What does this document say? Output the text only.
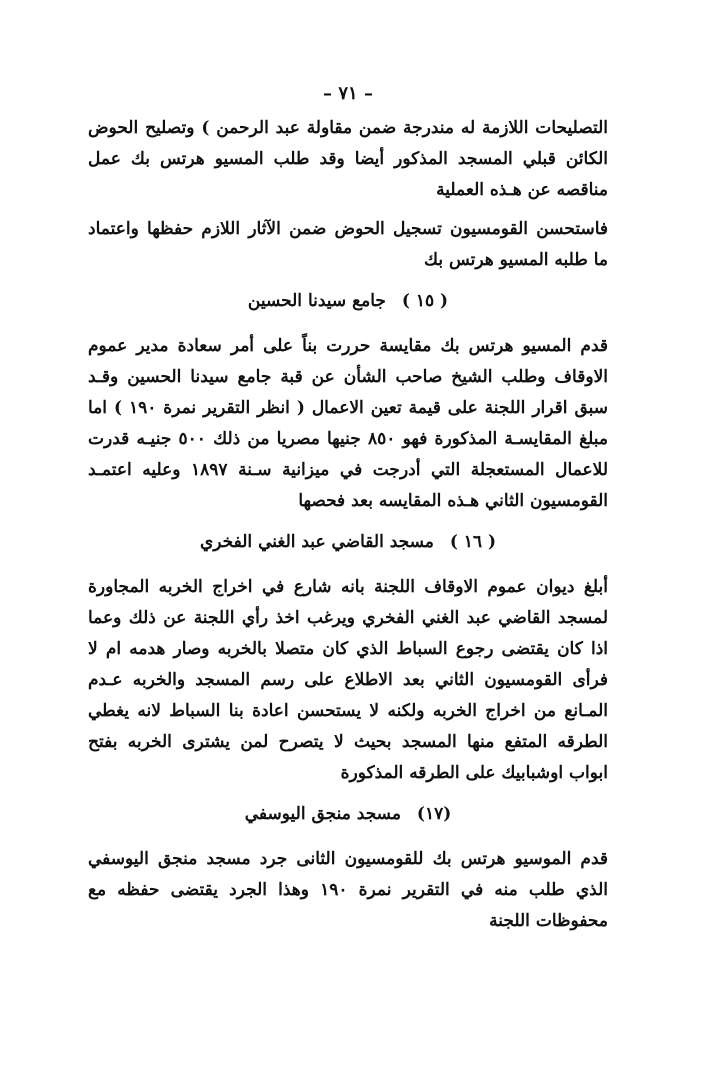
– ٧١ –

التصليحات اللازمة له مندرجة ضمن مقاولة عبد الرحمن ) وتصليح الحوض الكائن قبلي المسجد المذكور أيضا وقد طلب المسيو هرتس بك عمل مناقصه عن هـذه العملية

فاستحسن القومسيون تسجيل الحوض ضمن الآثار اللازم حفظها واعتماد ما طلبه المسيو هرتس بك

( ١٥ ) جامع سيدنا الحسين

قدم المسيو هرتس بك مقايسة حررت بناً على أمر سعادة مدير عموم الاوقاف وطلب الشيخ صاحب الشأن عن قبة جامع سيدنا الحسين وقـد سبق اقرار اللجنة على قيمة تعين الاعمال ( انظر التقرير نمرة ١٩٠ ) اما مبلغ المقايسـة المذكورة فهو ٨٥٠ جنيها مصريا من ذلك ٥٠٠ جنيـه قدرت للاعمال المستعجلة التي أدرجت في ميزانية سـنة ١٨٩٧ وعليه اعتمـد القومسيون الثاني هـذه المقايسه بعد فحصها

( ١٦ ) مسجد القاضي عبد الغني الفخري

أبلغ ديوان عموم الاوقاف اللجنة بانه شارع في اخراج الخربه المجاورة لمسجد القاضي عبد الغني الفخري ويرغب اخذ رأي اللجنة عن ذلك وعما اذا كان يقتضى رجوع السباط الذي كان متصلا بالخربه وصار هدمه ام لا فرأى القومسيون الثاني بعد الاطلاع على رسم المسجد والخربه عـدم المـانع من اخراج الخربه ولكنه لا يستحسن اعادة بنا السباط لانه يغطي الطرقه المتفع منها المسجد بحيث لا يتصرح لمن يشترى الخربه بفتح ابواب اوشبابيك على الطرقه المذكورة

(١٧) مسجد منجق اليوسفي

قدم الموسيو هرتس بك للقومسيون الثانى جرد مسجد منجق اليوسفي الذي طلب منه في التقرير نمرة ١٩٠ وهذا الجرد يقتضى حفظه مع محفوظات اللجنة
